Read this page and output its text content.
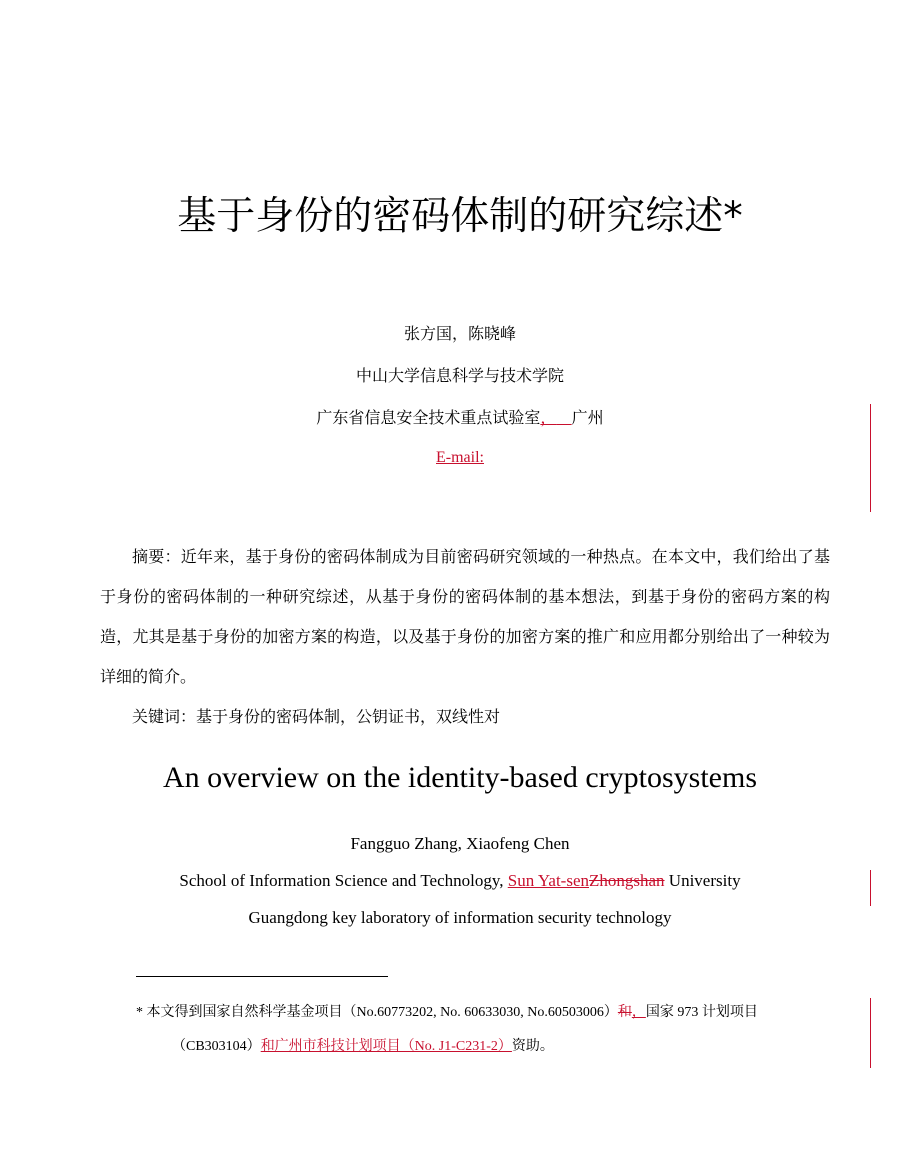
基于身份的密码体制的研究综述*
张方国，陈晓峰
中山大学信息科学与技术学院
广东省信息安全技术重点试验室， 广州
E-mail:

摘要：近年来，基于身份的密码体制成为目前密码研究领域的一种热点。在本文中，我们给出了基于身份的密码体制的一种研究综述，从基于身份的密码体制的基本想法，到基于身份的密码方案的构造，尤其是基于身份的加密方案的构造，以及基于身份的加密方案的推广和应用都分别给出了一种较为详细的简介。

关键词：基于身份的密码体制，公钥证书，双线性对
An overview on the identity-based cryptosystems
Fangguo Zhang, Xiaofeng Chen
School of Information Science and Technology, Sun Yat-senZhongshan University
Guangdong key laboratory of information security technology
* 本文得到国家自然科学基金项目（No.60773202, No. 60633030, No.60503006）和，国家 973 计划项目
（CB303104）和广州市科技计划项目（No. J1-C231-2）资助。
